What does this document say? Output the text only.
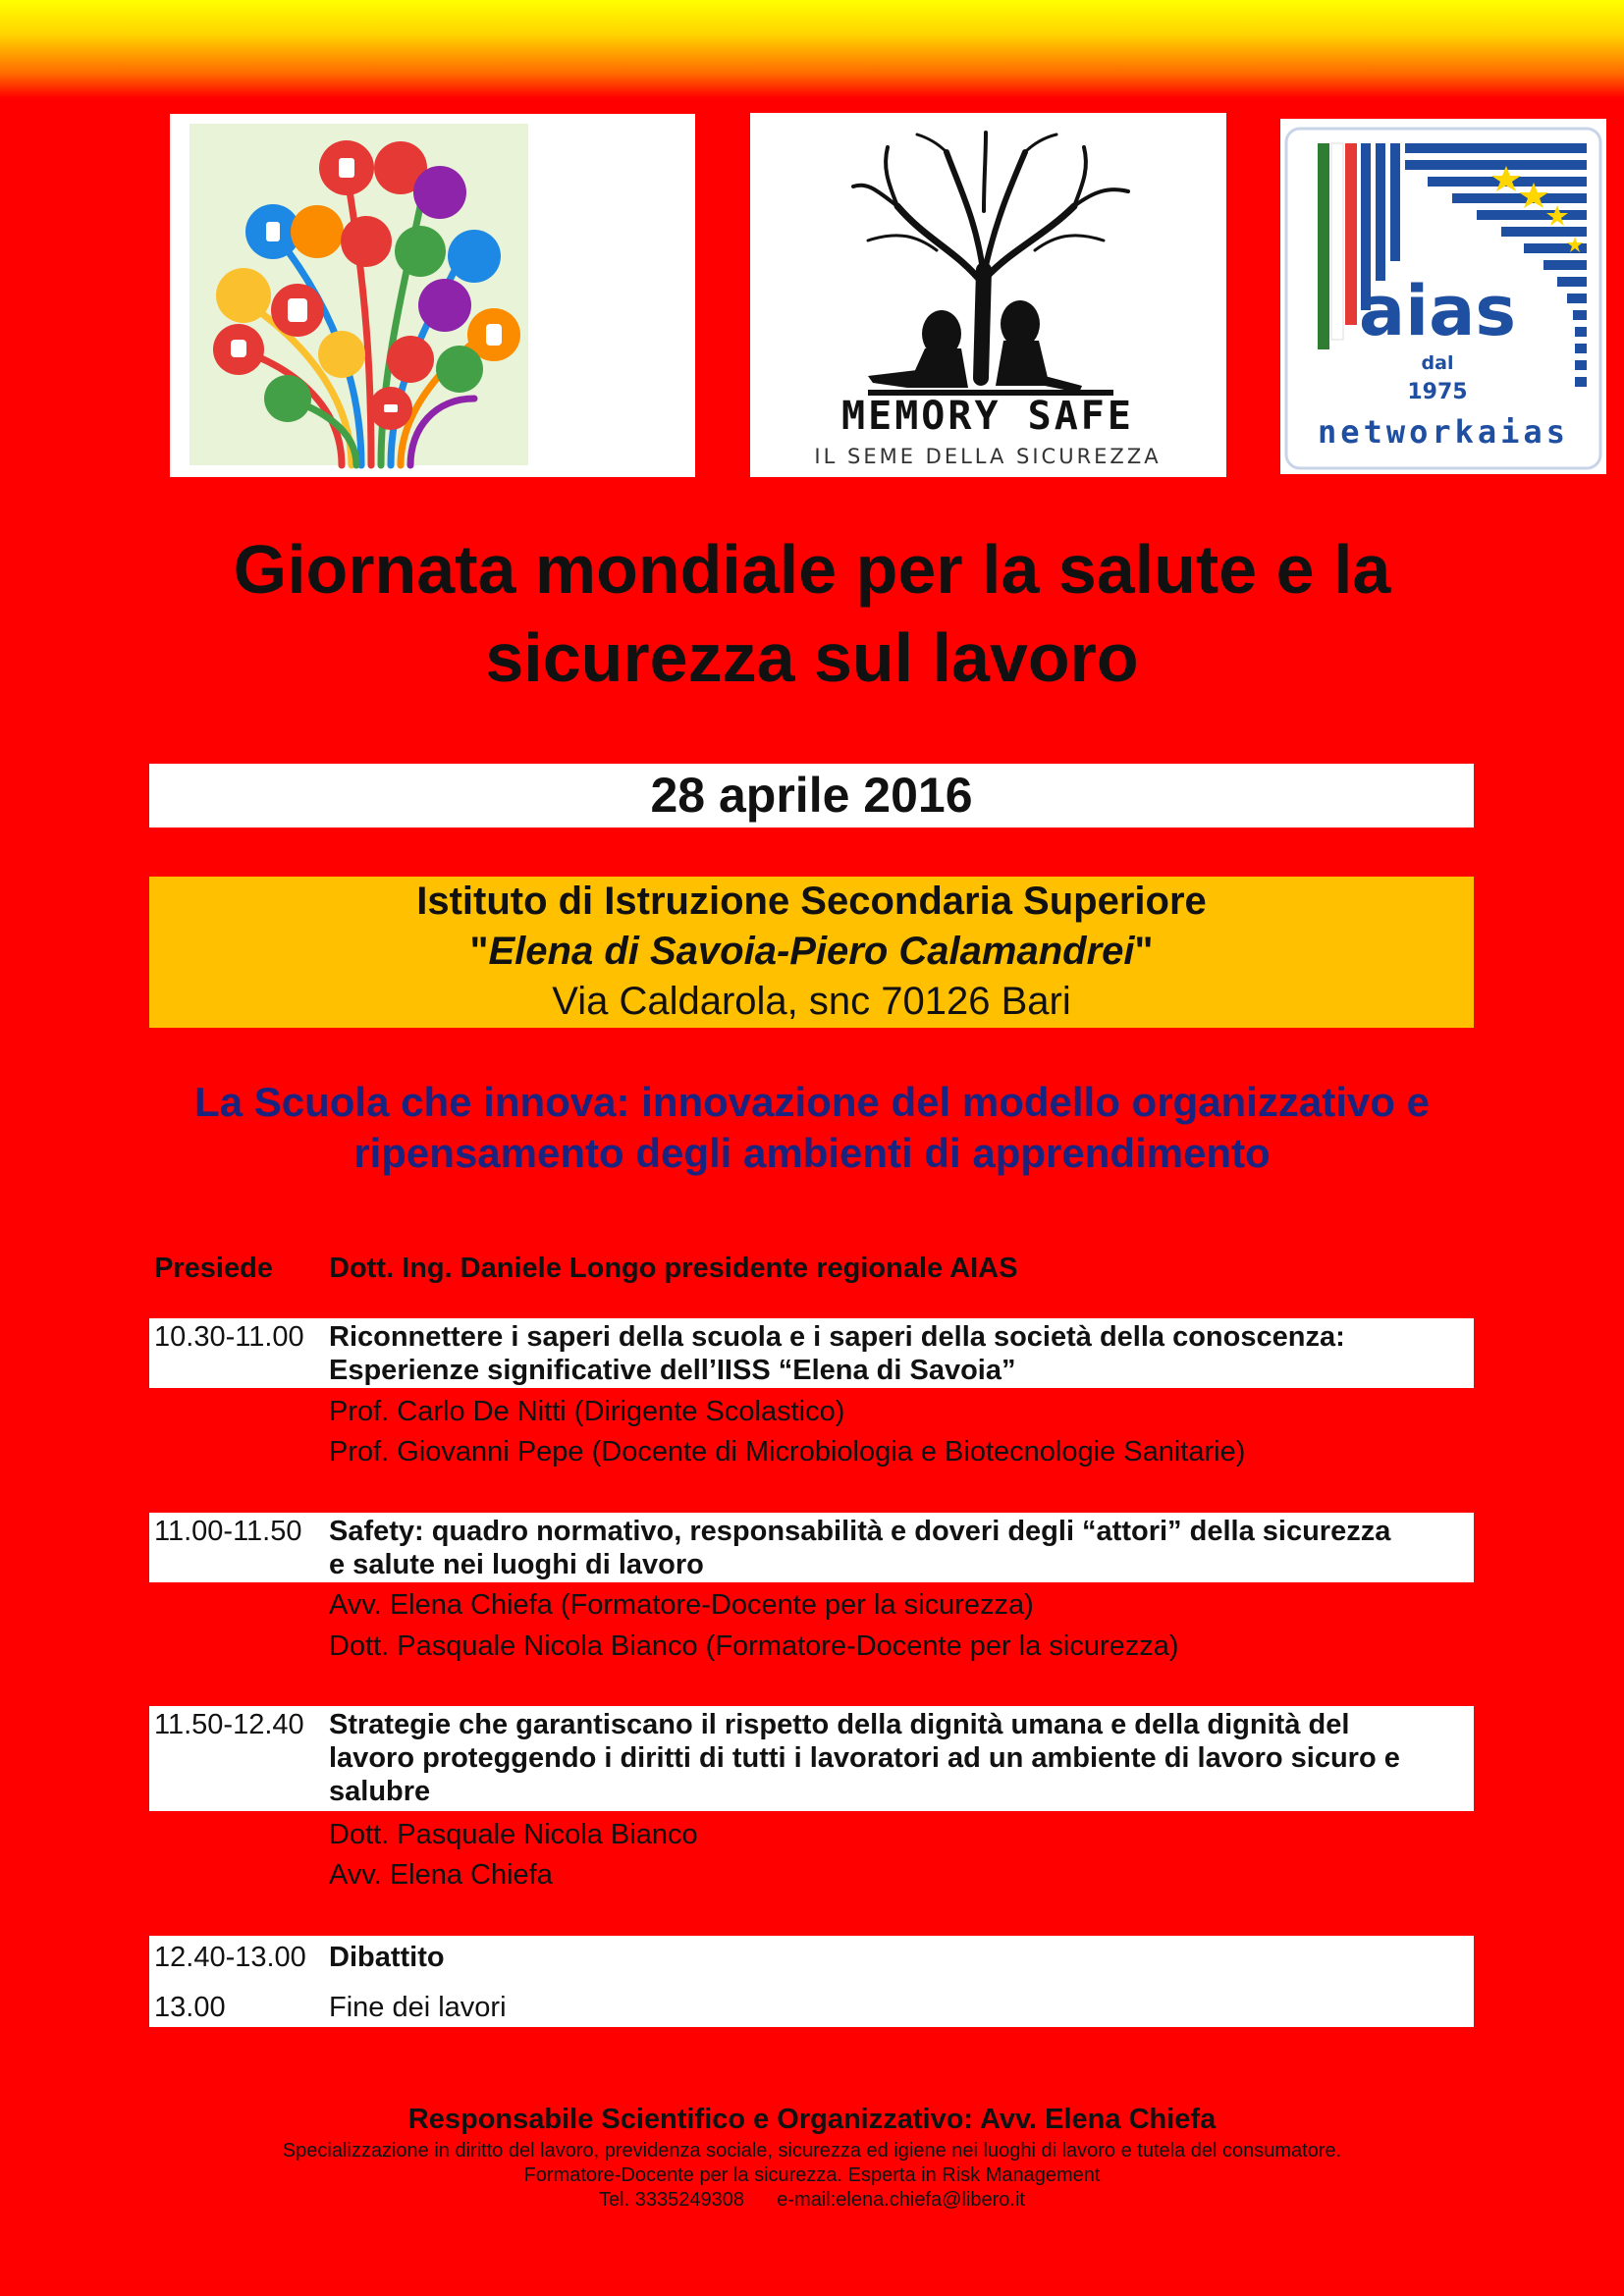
MEMORY SAFE
IL SEME DELLA SICUREZZA
aias
dal
1975
networkaias
Giornata mondiale per la salute e la
sicurezza sul lavoro
28 aprile 2016
Istituto di Istruzione Secondaria Superiore
"Elena di Savoia-Piero Calamandrei"
Via Caldarola, snc 70126 Bari
La Scuola che innova: innovazione del modello organizzativo e
ripensamento degli ambienti di apprendimento
Presiede Dott. Ing. Daniele Longo presidente regionale AIAS
10.30-11.00 Riconnettere i saperi della scuola e i saperi della società della conoscenza:
Esperienze significative dell’IISS “Elena di Savoia”
Prof. Carlo De Nitti (Dirigente Scolastico)
Prof. Giovanni Pepe (Docente di Microbiologia e Biotecnologie Sanitarie)
11.00-11.50 Safety: quadro normativo, responsabilità e doveri degli “attori” della sicurezza
e salute nei luoghi di lavoro
Avv. Elena Chiefa (Formatore-Docente per la sicurezza)
Dott. Pasquale Nicola Bianco (Formatore-Docente per la sicurezza)
11.50-12.40 Strategie che garantiscano il rispetto della dignità umana e della dignità del
lavoro proteggendo i diritti di tutti i lavoratori ad un ambiente di lavoro sicuro e
salubre
Dott. Pasquale Nicola Bianco
Avv. Elena Chiefa
12.40-13.00 Dibattito
13.00	Fine dei lavori
Responsabile Scientifico e Organizzativo: Avv. Elena Chiefa
Specializzazione in diritto del lavoro, previdenza sociale, sicurezza ed igiene nei luoghi di lavoro e tutela del consumatore.
Formatore-Docente per la sicurezza. Esperta in Risk Management
Tel. 3335249308      e-mail:elena.chiefa@libero.it
